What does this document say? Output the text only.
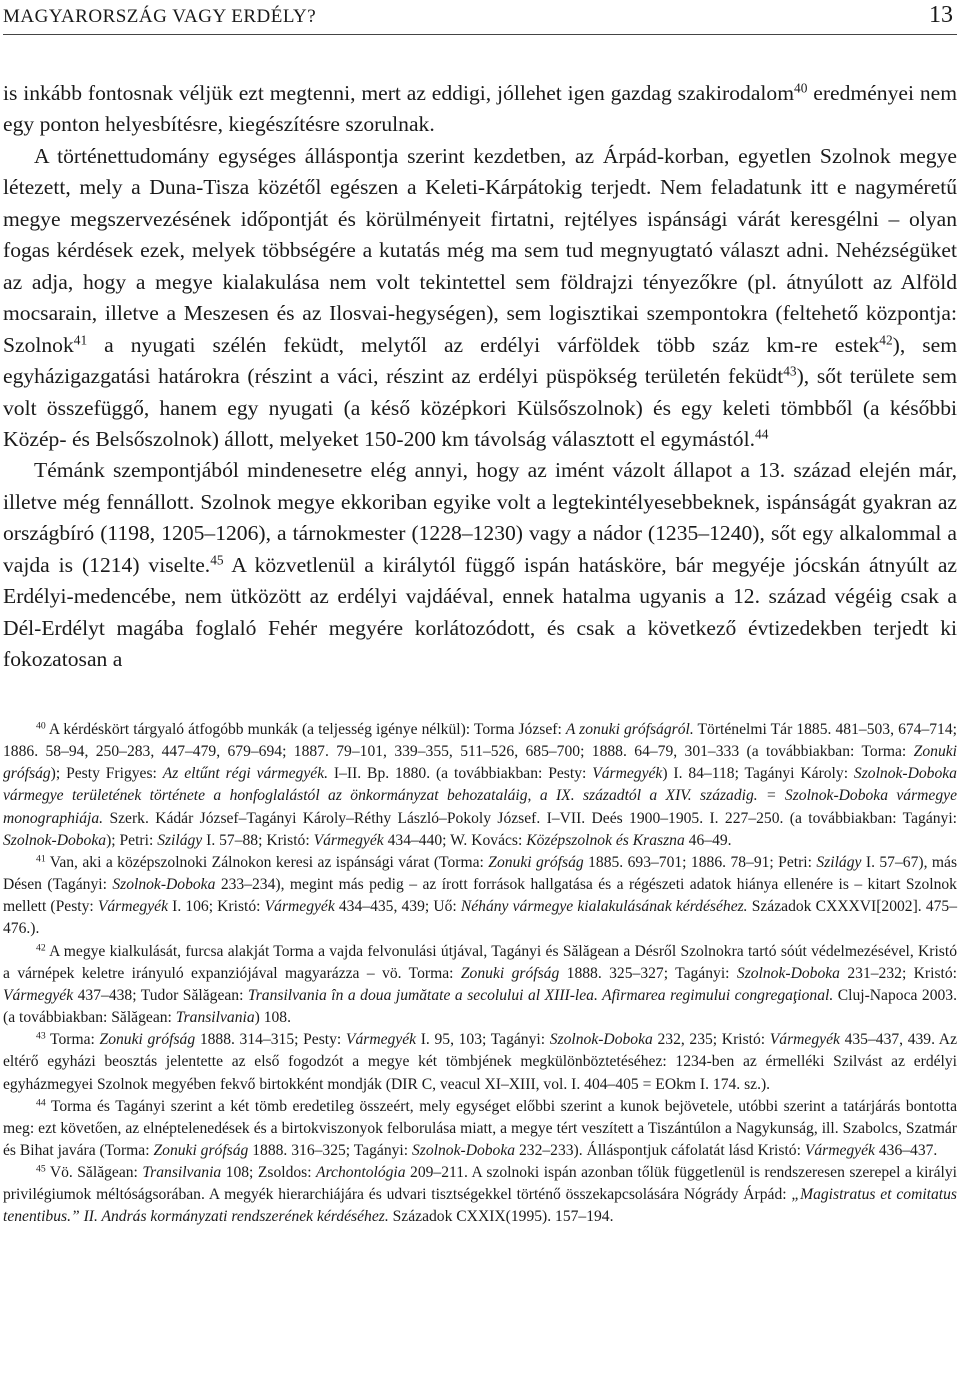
MAGYARORSZÁG VAGY ERDÉLY?	13

is inkább fontosnak véljük ezt megtenni, mert az eddigi, jóllehet igen gazdag szakirodalom$^{40}$ eredményei nem egy ponton helyesbítésre, kiegészítésre szorulnak.

A történettudomány egységes álláspontja szerint kezdetben, az Árpád-korban, egyetlen Szolnok megye létezett, mely a Duna-Tisza közétől egészen a Keleti-Kárpátokig terjedt. Nem feladatunk itt e nagyméretű megye megszervezésének időpontját és körülményeit firtatni, rejtélyes ispánsági várát keresgélni – olyan fogas kérdések ezek, melyek többségére a kutatás még ma sem tud megnyugtató választ adni. Nehézségüket az adja, hogy a megye kialakulása nem volt tekintettel sem földrajzi tényezőkre (pl. átnyúlott az Alföld mocsarain, illetve a Meszesen és az Ilosvai-hegységen), sem logisztikai szempontokra (feltehető központja: Szolnok$^{41}$ a nyugati szélén feküdt, melytől az erdélyi várföldek több száz km-re estek$^{42}$), sem egyházigazgatási határokra (részint a váci, részint az erdélyi püspökség területén feküdt$^{43}$), sőt területe sem volt összefüggő, hanem egy nyugati (a késő középkori Külsőszolnok) és egy keleti tömbből (a későbbi Közép- és Belsőszolnok) állott, melyeket 150-200 km távolság választott el egymástól.$^{44}$

Témánk szempontjából mindenesetre elég annyi, hogy az imént vázolt állapot a 13. század elején már, illetve még fennállott. Szolnok megye ekkoriban egyike volt a legtekintélyesebbeknek, ispánságát gyakran az országbíró (1198, 1205–1206), a tárnokmester (1228–1230) vagy a nádor (1235–1240), sőt egy alkalommal a vajda is (1214) viselte.$^{45}$ A közvetlenül a királytól függő ispán hatásköre, bár megyéje jócskán átnyúlt az Erdélyi-medencébe, nem ütközött az erdélyi vajdáéval, ennek hatalma ugyanis a 12. század végéig csak a Dél-Erdélyt magába foglaló Fehér megyére korlátozódott, és csak a következő évtizedekben terjedt ki fokozatosan a

$^{40}$ A kérdéskört tárgyaló átfogóbb munkák (a teljesség igénye nélkül): Torma József: A zonuki grófságról. Történelmi Tár 1885. 481–503, 674–714; 1886. 58–94, 250–283, 447–479, 679–694; 1887. 79–101, 339–355, 511–526, 685–700; 1888. 64–79, 301–333 (a továbbiakban: Torma: Zonuki grófság); Pesty Frigyes: Az eltűnt régi vármegyék. I–II. Bp. 1880. (a továbbiakban: Pesty: Vármegyék) I. 84–118; Tagányi Károly: Szolnok-Doboka vármegye területének története a honfoglalástól az önkormányzat behozataláig, a IX. századtól a XIV. századig. = Szolnok-Doboka vármegye monographiája. Szerk. Kádár József–Tagányi Károly–Réthy László–Pokoly József. I–VII. Deés 1900–1905. I. 227–250. (a továbbiakban: Tagányi: Szolnok-Doboka); Petri: Szilágy I. 57–88; Kristó: Vármegyék 434–440; W. Kovács: Középszolnok és Kraszna 46–49.

$^{41}$ Van, aki a középszolnoki Zálnokon keresi az ispánsági várat (Torma: Zonuki grófság 1885. 693–701; 1886. 78–91; Petri: Szilágy I. 57–67), más Désen (Tagányi: Szolnok-Doboka 233–234), megint más pedig – az írott források hallgatása és a régészeti adatok hiánya ellenére is – kitart Szolnok mellett (Pesty: Vármegyék I. 106; Kristó: Vármegyék 434–435, 439; Uő: Néhány vármegye kialakulásának kérdéséhez. Századok CXXXVI[2002]. 475–476.).

$^{42}$ A megye kialkulását, furcsa alakját Torma a vajda felvonulási útjával, Tagányi és Sălăgean a Désről Szolnokra tartó sóút védelmezésével, Kristó a várnépek keletre irányuló expanziójával magyarázza – vö. Torma: Zonuki grófság 1888. 325–327; Tagányi: Szolnok-Doboka 231–232; Kristó: Vármegyék 437–438; Tudor Sălăgean: Transilvania în a doua jumătate a secolului al XIII-lea. Afirmarea regimului congregaţional. Cluj-Napoca 2003. (a továbbiakban: Sălăgean: Transilvania) 108.

$^{43}$ Torma: Zonuki grófság 1888. 314–315; Pesty: Vármegyék I. 95, 103; Tagányi: Szolnok-Doboka 232, 235; Kristó: Vármegyék 435–437, 439. Az eltérő egyházi beosztás jelentette az első fogodzót a megye két tömbjének megkülönböztetéséhez: 1234-ben az érmelléki Szilvást az erdélyi egyházmegyei Szolnok megyében fekvő birtokként mondják (DIR C, veacul XI–XIII, vol. I. 404–405 = EOkm I. 174. sz.).

$^{44}$ Torma és Tagányi szerint a két tömb eredetileg összeért, mely egységet előbbi szerint a kunok bejövetele, utóbbi szerint a tatárjárás bontotta meg: ezt követően, az elnéptelenedések és a birtokviszonyok felborulása miatt, a megye tért veszített a Tiszántúlon a Nagykunság, ill. Szabolcs, Szatmár és Bihat javára (Torma: Zonuki grófság 1888. 316–325; Tagányi: Szolnok-Doboka 232–233). Álláspontjuk cáfolatát lásd Kristó: Vármegyék 436–437.

$^{45}$ Vö. Sălăgean: Transilvania 108; Zsoldos: Archontológia 209–211. A szolnoki ispán azonban tőlük függetlenül is rendszeresen szerepel a királyi privilégiumok méltóságsorában. A megyék hierarchiájára és udvari tisztségekkel történő összekapcsolására Nógrády Árpád: „Magistratus et comitatus tenentibus.” II. András kormányzati rendszerének kérdéséhez. Századok CXXIX(1995). 157–194.
